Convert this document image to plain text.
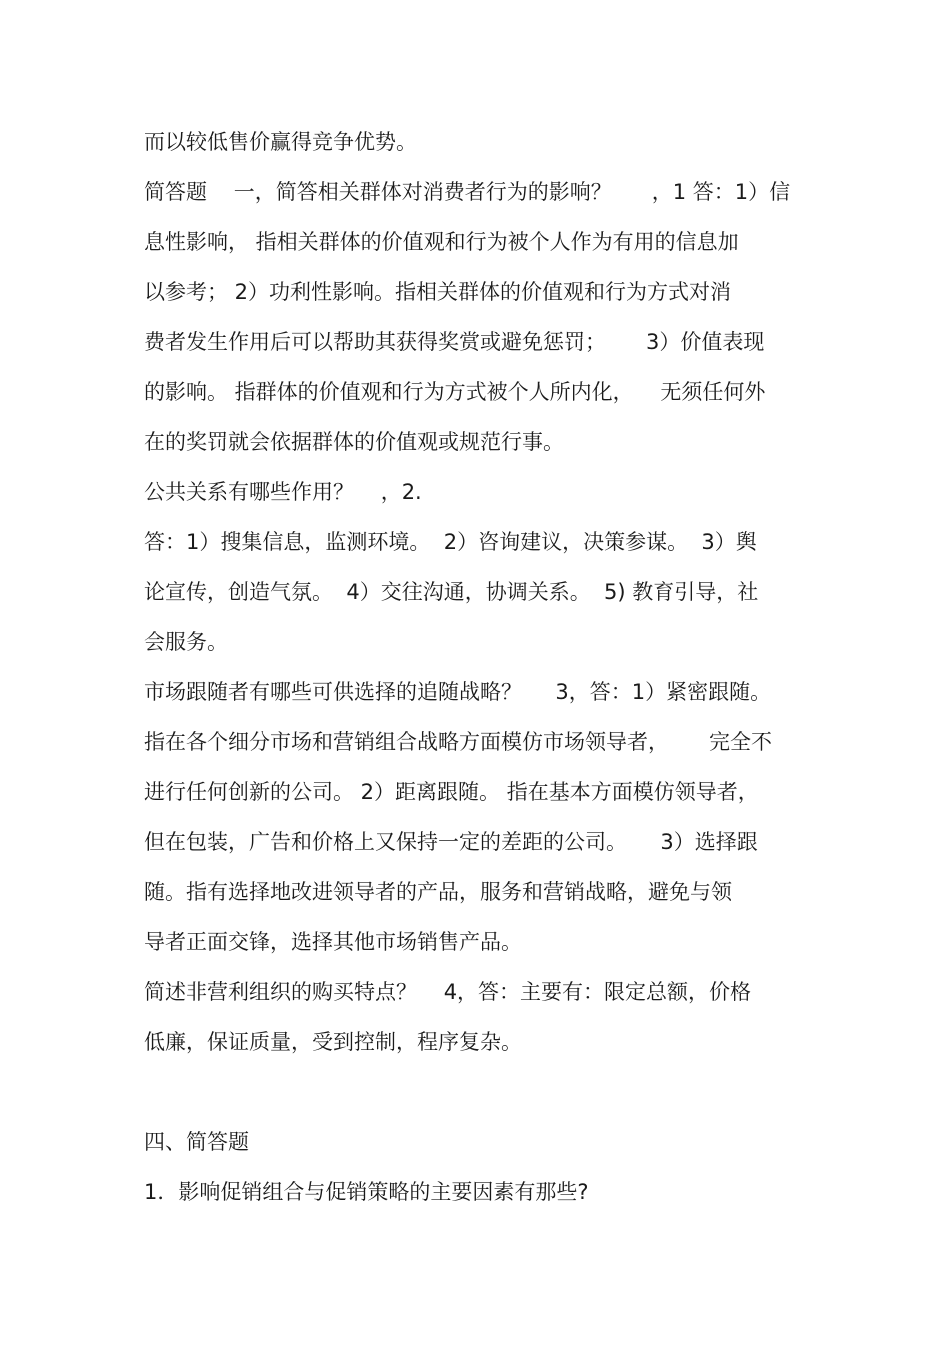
而以较低售价赢得竞争优势。
简答题    一，简答相关群体对消费者行为的影响？      ，1 答：1）信
息性影响， 指相关群体的价值观和行为被个人作为有用的信息加
以参考； 2）功利性影响。指相关群体的价值观和行为方式对消
费者发生作用后可以帮助其获得奖赏或避免惩罚；      3）价值表现
的影响。 指群体的价值观和行为方式被个人所内化，    无须任何外
在的奖罚就会依据群体的价值观或规范行事。
公共关系有哪些作用？    ，2.
答：1）搜集信息，监测环境。  2）咨询建议，决策参谋。  3）舆
论宣传，创造气氛。  4）交往沟通，协调关系。  5) 教育引导，社
会服务。
市场跟随者有哪些可供选择的追随战略？     3，答：1）紧密跟随。
指在各个细分市场和营销组合战略方面模仿市场领导者，      完全不
进行任何创新的公司。 2）距离跟随。 指在基本方面模仿领导者，
但在包装，广告和价格上又保持一定的差距的公司。     3）选择跟
随。指有选择地改进领导者的产品，服务和营销战略，避免与领
导者正面交锋，选择其他市场销售产品。
简述非营利组织的购买特点？    4，答：主要有：限定总额，价格
低廉，保证质量，受到控制，程序复杂。
四、简答题
1．影响促销组合与促销策略的主要因素有那些?
